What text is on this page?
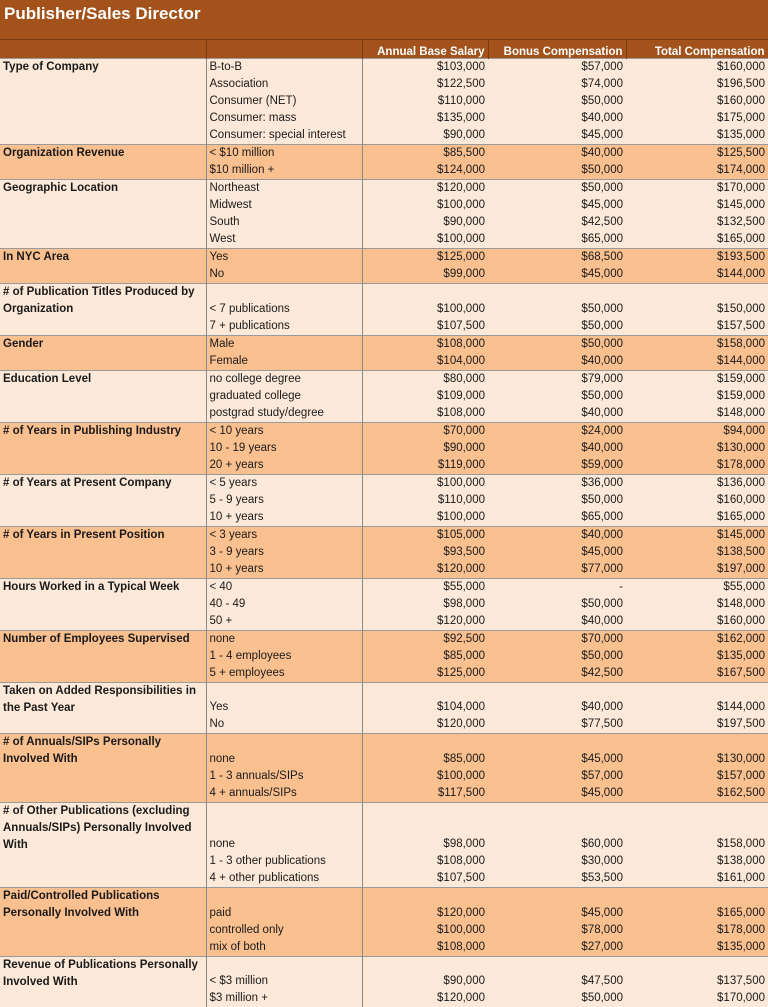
Publisher/Sales Director
		Annual Base Salary	Bonus Compensation	Total Compensation
Type of Company	B-to-B	$103,000	$57,000	$160,000
	Association	$122,500	$74,000	$196,500
	Consumer (NET)	$110,000	$50,000	$160,000
	Consumer: mass	$135,000	$40,000	$175,000
	Consumer: special interest	$90,000	$45,000	$135,000
Organization Revenue	< $10 million	$85,500	$40,000	$125,500
	$10 million +	$124,000	$50,000	$174,000
Geographic Location	Northeast	$120,000	$50,000	$170,000
	Midwest	$100,000	$45,000	$145,000
	South	$90,000	$42,500	$132,500
	West	$100,000	$65,000	$165,000
In NYC Area	Yes	$125,000	$68,500	$193,500
	No	$99,000	$45,000	$144,000
# of Publication Titles Produced by Organization				
	< 7 publications	$100,000	$50,000	$150,000
	7 + publications	$107,500	$50,000	$157,500
Gender	Male	$108,000	$50,000	$158,000
	Female	$104,000	$40,000	$144,000
Education Level	no college degree	$80,000	$79,000	$159,000
	graduated college	$109,000	$50,000	$159,000
	postgrad study/degree	$108,000	$40,000	$148,000
# of Years in Publishing Industry	< 10 years	$70,000	$24,000	$94,000
	10 - 19 years	$90,000	$40,000	$130,000
	20 + years	$119,000	$59,000	$178,000
# of Years at Present Company	< 5 years	$100,000	$36,000	$136,000
	5 - 9 years	$110,000	$50,000	$160,000
	10 + years	$100,000	$65,000	$165,000
# of Years in Present Position	< 3 years	$105,000	$40,000	$145,000
	3 - 9 years	$93,500	$45,000	$138,500
	10 + years	$120,000	$77,000	$197,000
Hours Worked in a Typical Week	< 40	$55,000	-	$55,000
	40 - 49	$98,000	$50,000	$148,000
	50 +	$120,000	$40,000	$160,000
Number of Employees Supervised	none	$92,500	$70,000	$162,000
	1 - 4 employees	$85,000	$50,000	$135,000
	5 + employees	$125,000	$42,500	$167,500
Taken on Added Responsibilities in the Past Year				
	Yes	$104,000	$40,000	$144,000
	No	$120,000	$77,500	$197,500
# of Annuals/SIPs Personally Involved With				
	none	$85,000	$45,000	$130,000
	1 - 3 annuals/SIPs	$100,000	$57,000	$157,000
	4 + annuals/SIPs	$117,500	$45,000	$162,500
# of Other Publications (excluding Annuals/SIPs) Personally Involved With				

	none	$98,000	$60,000	$158,000
	1 - 3 other publications	$108,000	$30,000	$138,000
	4 + other publications	$107,500	$53,500	$161,000
Paid/Controlled Publications Personally Involved With				
	paid	$120,000	$45,000	$165,000
	controlled only	$100,000	$78,000	$178,000
	mix of both	$108,000	$27,000	$135,000
Revenue of Publications Personally Involved With				
	< $3 million	$90,000	$47,500	$137,500
	$3 million +	$120,000	$50,000	$170,000
